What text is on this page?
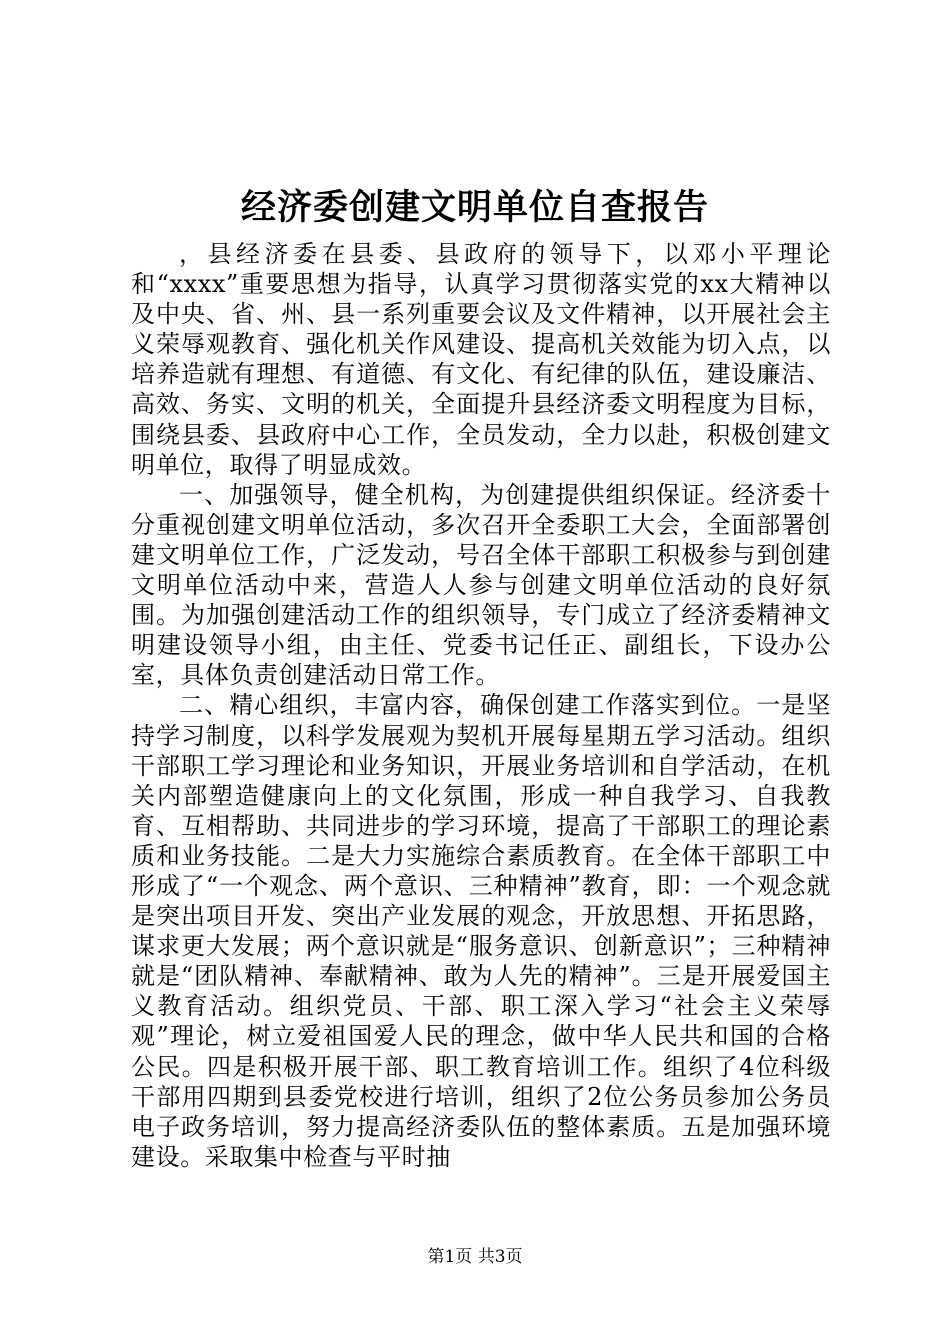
经济委创建文明单位自查报告

，县经济委在县委、县政府的领导下，以邓小平理论和“xxxx”重要思想为指导，认真学习贯彻落实党的xx大精神以及中央、省、州、县一系列重要会议及文件精神，以开展社会主义荣辱观教育、强化机关作风建设、提高机关效能为切入点，以培养造就有理想、有道德、有文化、有纪律的队伍，建设廉洁、高效、务实、文明的机关，全面提升县经济委文明程度为目标，围绕县委、县政府中心工作，全员发动，全力以赴，积极创建文明单位，取得了明显成效。

一、加强领导，健全机构，为创建提供组织保证。经济委十分重视创建文明单位活动，多次召开全委职工大会，全面部署创建文明单位工作，广泛发动，号召全体干部职工积极参与到创建文明单位活动中来，营造人人参与创建文明单位活动的良好氛围。为加强创建活动工作的组织领导，专门成立了经济委精神文明建设领导小组，由主任、党委书记任正、副组长，下设办公室，具体负责创建活动日常工作。

二、精心组织，丰富内容，确保创建工作落实到位。一是坚持学习制度，以科学发展观为契机开展每星期五学习活动。组织干部职工学习理论和业务知识，开展业务培训和自学活动，在机关内部塑造健康向上的文化氛围，形成一种自我学习、自我教育、互相帮助、共同进步的学习环境，提高了干部职工的理论素质和业务技能。二是大力实施综合素质教育。在全体干部职工中形成了“一个观念、两个意识、三种精神”教育，即：一个观念就是突出项目开发、突出产业发展的观念，开放思想、开拓思路，谋求更大发展；两个意识就是“服务意识、创新意识”；三种精神就是“团队精神、奉献精神、敢为人先的精神”。三是开展爱国主义教育活动。组织党员、干部、职工深入学习“社会主义荣辱观”理论，树立爱祖国爱人民的理念，做中华人民共和国的合格公民。四是积极开展干部、职工教育培训工作。组织了4位科级干部用四期到县委党校进行培训，组织了2位公务员参加公务员电子政务培训，努力提高经济委队伍的整体素质。五是加强环境建设。采取集中检查与平时抽

第1页 共3页
